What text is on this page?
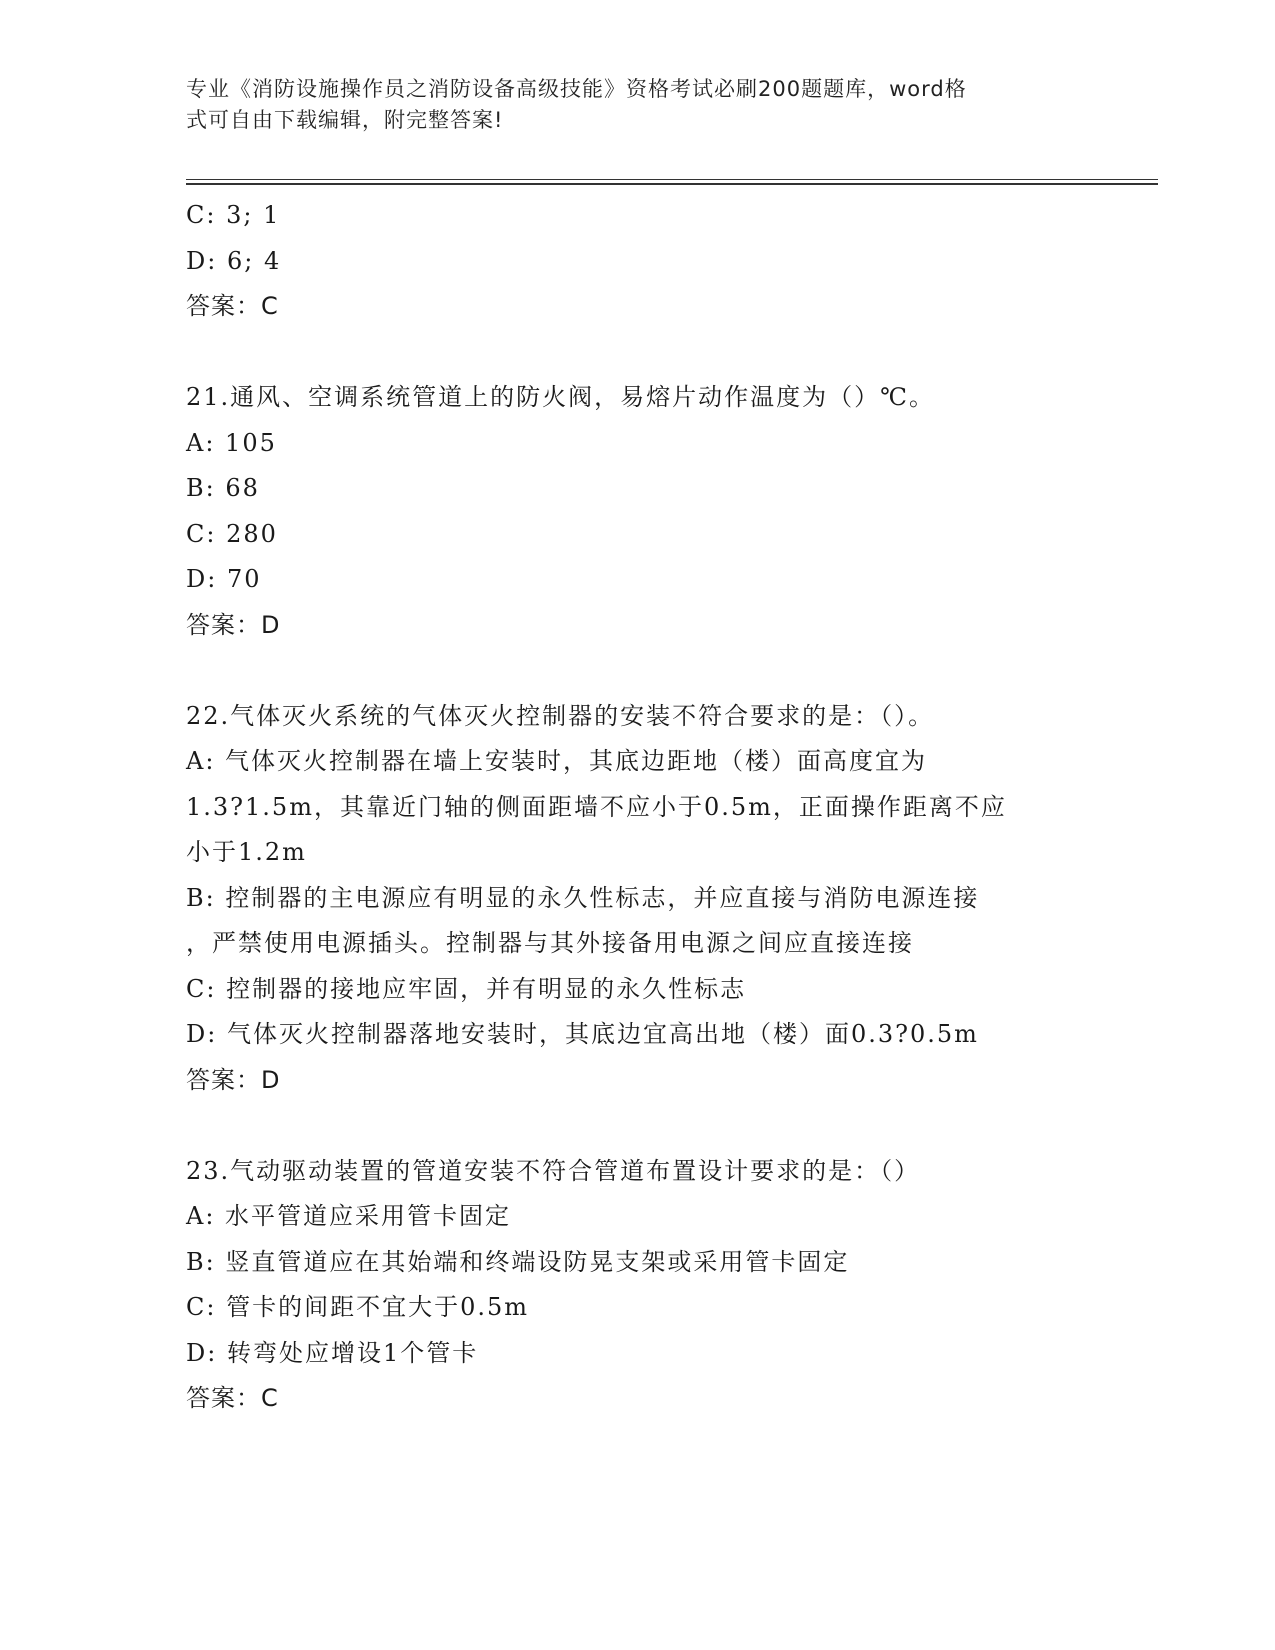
专业《消防设施操作员之消防设备高级技能》资格考试必刷200题题库，word格
式可自由下载编辑，附完整答案!
C: 3; 1
D: 6; 4
答案：C
21.通风、空调系统管道上的防火阀，易熔片动作温度为（）℃。
A: 105
B: 68
C: 280
D: 70
答案：D
22.气体灭火系统的气体灭火控制器的安装不符合要求的是：（）。
A: 气体灭火控制器在墙上安装时，其底边距地（楼）面高度宜为
1.3?1.5m，其靠近门轴的侧面距墙不应小于0.5m，正面操作距离不应
小于1.2m
B: 控制器的主电源应有明显的永久性标志，并应直接与消防电源连接
，严禁使用电源插头。控制器与其外接备用电源之间应直接连接
C: 控制器的接地应牢固，并有明显的永久性标志
D: 气体灭火控制器落地安装时，其底边宜高出地（楼）面0.3?0.5m
答案：D
23.气动驱动装置的管道安装不符合管道布置设计要求的是：（）
A: 水平管道应采用管卡固定
B: 竖直管道应在其始端和终端设防晃支架或采用管卡固定
C: 管卡的间距不宜大于0.5m
D: 转弯处应增设1个管卡
答案：C
